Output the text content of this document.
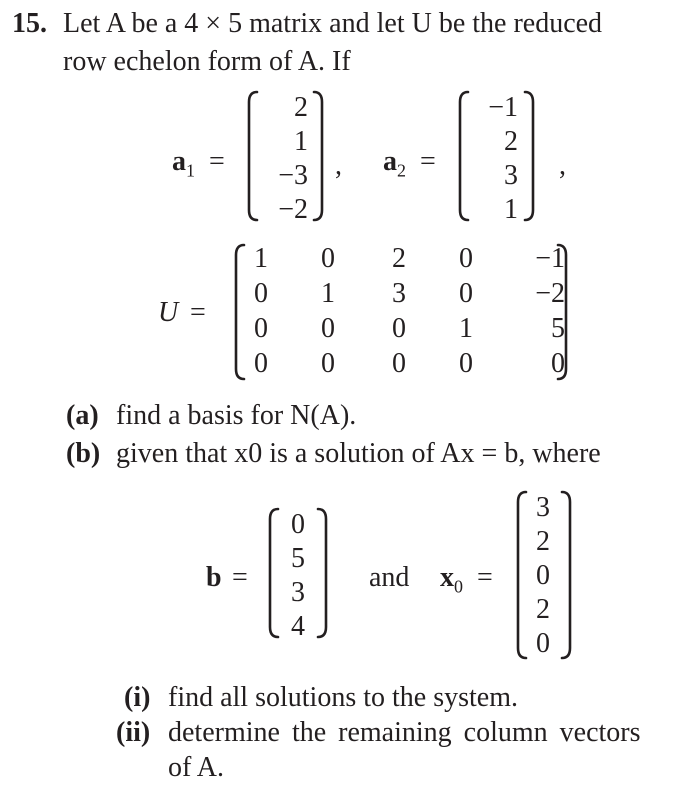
15. Let A be a 4 × 5 matrix and let U be the reduced
row echelon form of A. If
$a_1$ =
2
1
−3
−2
, $a_2$ =
−1
2
3
1
,
U =
1	0	2	0	−1
0	1	3	0	−2
0	0	0	1	5
0	0	0	0	0
(a) find a basis for N(A).
(b) given that x0 is a solution of Ax = b, where
b =
0
5
3
4
and $x_0$ =
3
2
0
2
0
(i) find all solutions to the system.
(ii) determine the remaining column vectors
of A.
